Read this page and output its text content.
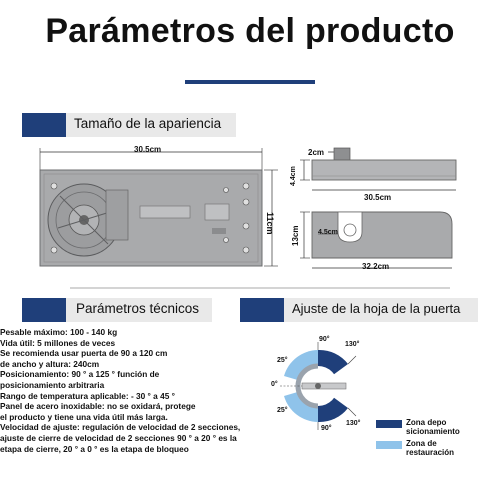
Parámetros del producto
Tamaño de la apariencia
30.5cm
11cm
2cm
4.4cm
30.5cm
13cm	4.5cm
32.2cm
Parámetros técnicos
Pesable máximo: 100 - 140 kg
Vida útil: 5 millones de veces
Se recomienda usar puerta de 90 a 120 cm
de ancho y altura: 240cm
Posicionamiento: 90 ° a 125 ° función de
posicionamiento arbitraria
Rango de temperatura aplicable: - 30 ° a 45 °
Panel de acero inoxidable: no se oxidará, protege
el producto y tiene una vida útil más larga.
Velocidad de ajuste: regulación de velocidad de 2 secciones,
ajuste de cierre de velocidad de 2 secciones 90 ° a 20 ° es la
etapa de cierre, 20 ° a 0 ° es la etapa de bloqueo
Ajuste de la hoja de la puerta
90°
130°
25°
0°
25°
90°
130°	Zona depo
sicionamiento
Zona de
restauración
